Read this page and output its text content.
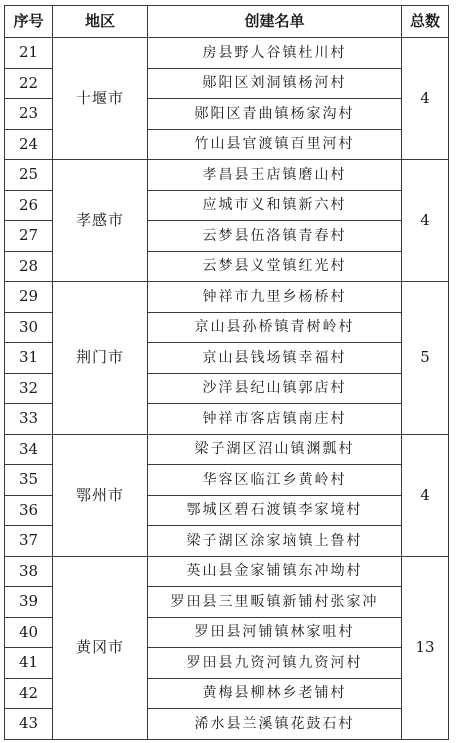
序号	地区	创建名单	总数
21	十堰市	房县野人谷镇杜川村	4
22		郧阳区刘洞镇杨河村	
23		郧阳区青曲镇杨家沟村	
24		竹山县官渡镇百里河村	
25	孝感市	孝昌县王店镇磨山村	4
26		应城市义和镇新六村	
27		云梦县伍洛镇青春村	
28		云梦县义堂镇红光村	
29	荆门市	钟祥市九里乡杨桥村	5
30		京山县孙桥镇青树岭村	
31		京山县钱场镇幸福村	
32		沙洋县纪山镇郭店村	
33		钟祥市客店镇南庄村	
34	鄂州市	梁子湖区沼山镇渊瓢村	4
35		华容区临江乡黄岭村	
36		鄂城区碧石渡镇李家境村	
37		梁子湖区涂家垴镇上鲁村	
38	黄冈市	英山县金家铺镇东冲坳村	13
39		罗田县三里畈镇新铺村张家冲	
40		罗田县河铺镇林家咀村	
41		罗田县九资河镇九资河村	
42		黄梅县柳林乡老铺村	
43		浠水县兰溪镇花鼓石村	
